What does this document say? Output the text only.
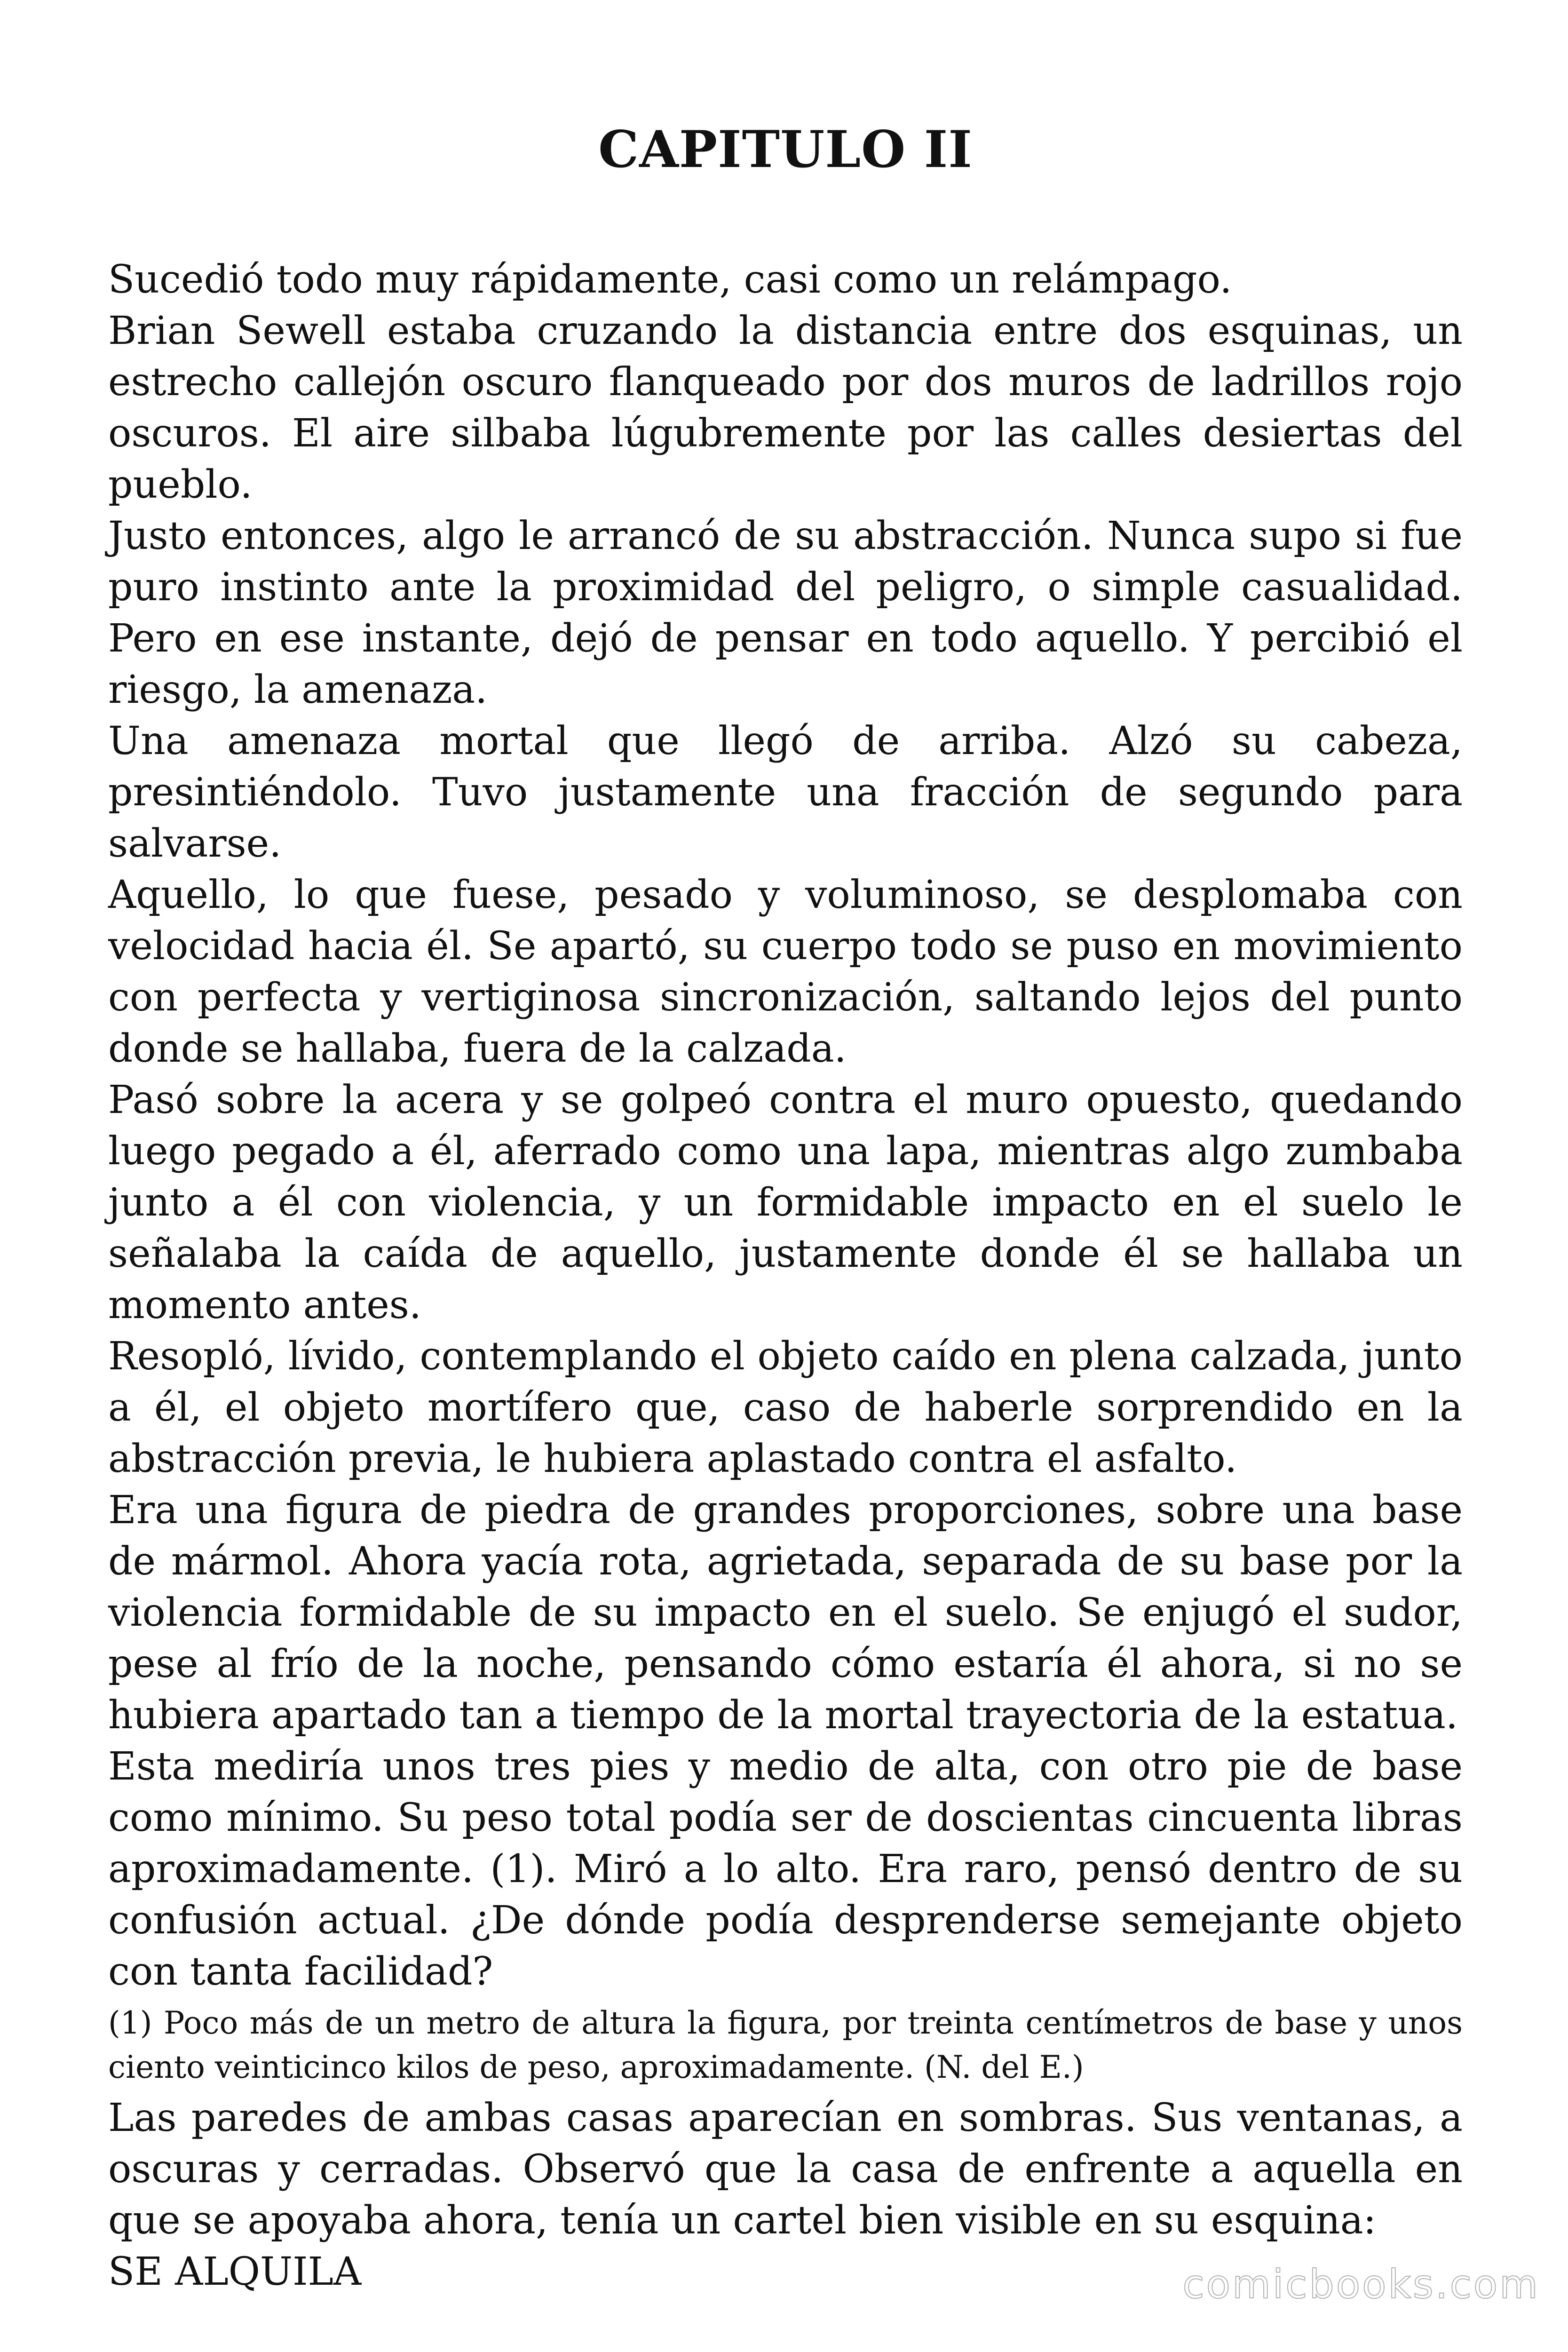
CAPITULO II

Sucedió todo muy rápidamente, casi como un relámpago.

Brian Sewell estaba cruzando la distancia entre dos esquinas, un estrecho callejón oscuro flanqueado por dos muros de ladrillos rojo oscuros. El aire silbaba lúgubremente por las calles desiertas del pueblo.

Justo entonces, algo le arrancó de su abstracción. Nunca supo si fue puro instinto ante la proximidad del peligro, o simple casualidad. Pero en ese instante, dejó de pensar en todo aquello. Y percibió el riesgo, la amenaza.

Una amenaza mortal que llegó de arriba. Alzó su cabeza, presintiéndolo. Tuvo justamente una fracción de segundo para salvarse.

Aquello, lo que fuese, pesado y voluminoso, se desplomaba con velocidad hacia él. Se apartó, su cuerpo todo se puso en movimiento con perfecta y vertiginosa sincronización, saltando lejos del punto donde se hallaba, fuera de la calzada.

Pasó sobre la acera y se golpeó contra el muro opuesto, quedando luego pegado a él, aferrado como una lapa, mientras algo zumbaba junto a él con violencia, y un formidable impacto en el suelo le señalaba la caída de aquello, justamente donde él se hallaba un momento antes.

Resopló, lívido, contemplando el objeto caído en plena calzada, junto a él, el objeto mortífero que, caso de haberle sorprendido en la abstracción previa, le hubiera aplastado contra el asfalto.

Era una figura de piedra de grandes proporciones, sobre una base de mármol. Ahora yacía rota, agrietada, separada de su base por la violencia formidable de su impacto en el suelo. Se enjugó el sudor, pese al frío de la noche, pensando cómo estaría él ahora, si no se hubiera apartado tan a tiempo de la mortal trayectoria de la estatua.

Esta mediría unos tres pies y medio de alta, con otro pie de base como mínimo. Su peso total podía ser de doscientas cincuenta libras aproximadamente. (1). Miró a lo alto. Era raro, pensó dentro de su confusión actual. ¿De dónde podía desprenderse semejante objeto con tanta facilidad?

(1) Poco más de un metro de altura la figura, por treinta centímetros de base y unos ciento veinticinco kilos de peso, aproximadamente. (N. del E.)

Las paredes de ambas casas aparecían en sombras. Sus ventanas, a oscuras y cerradas. Observó que la casa de enfrente a aquella en que se apoyaba ahora, tenía un cartel bien visible en su esquina:

SE ALQUILA	comicbooks.com
